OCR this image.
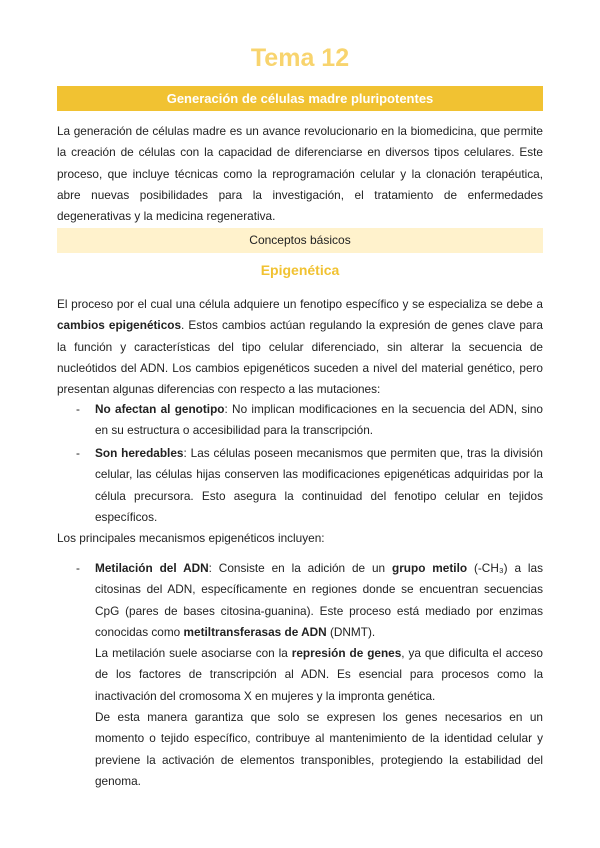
Tema 12
Generación de células madre pluripotentes
La generación de células madre es un avance revolucionario en la biomedicina, que permite la creación de células con la capacidad de diferenciarse en diversos tipos celulares. Este proceso, que incluye técnicas como la reprogramación celular y la clonación terapéutica, abre nuevas posibilidades para la investigación, el tratamiento de enfermedades degenerativas y la medicina regenerativa.
Conceptos básicos
Epigenética
El proceso por el cual una célula adquiere un fenotipo específico y se especializa se debe a cambios epigenéticos. Estos cambios actúan regulando la expresión de genes clave para la función y características del tipo celular diferenciado, sin alterar la secuencia de nucleótidos del ADN. Los cambios epigenéticos suceden a nivel del material genético, pero presentan algunas diferencias con respecto a las mutaciones:
- No afectan al genotipo: No implican modificaciones en la secuencia del ADN, sino en su estructura o accesibilidad para la transcripción.
- Son heredables: Las células poseen mecanismos que permiten que, tras la división celular, las células hijas conserven las modificaciones epigenéticas adquiridas por la célula precursora. Esto asegura la continuidad del fenotipo celular en tejidos específicos.
Los principales mecanismos epigenéticos incluyen:
- Metilación del ADN: Consiste en la adición de un grupo metilo (-CH₃) a las citosinas del ADN, específicamente en regiones donde se encuentran secuencias CpG (pares de bases citosina-guanina). Este proceso está mediado por enzimas conocidas como metiltransferasas de ADN (DNMT).
La metilación suele asociarse con la represión de genes, ya que dificulta el acceso de los factores de transcripción al ADN. Es esencial para procesos como la inactivación del cromosoma X en mujeres y la impronta genética.
De esta manera garantiza que solo se expresen los genes necesarios en un momento o tejido específico, contribuye al mantenimiento de la identidad celular y previene la activación de elementos transponibles, protegiendo la estabilidad del genoma.
